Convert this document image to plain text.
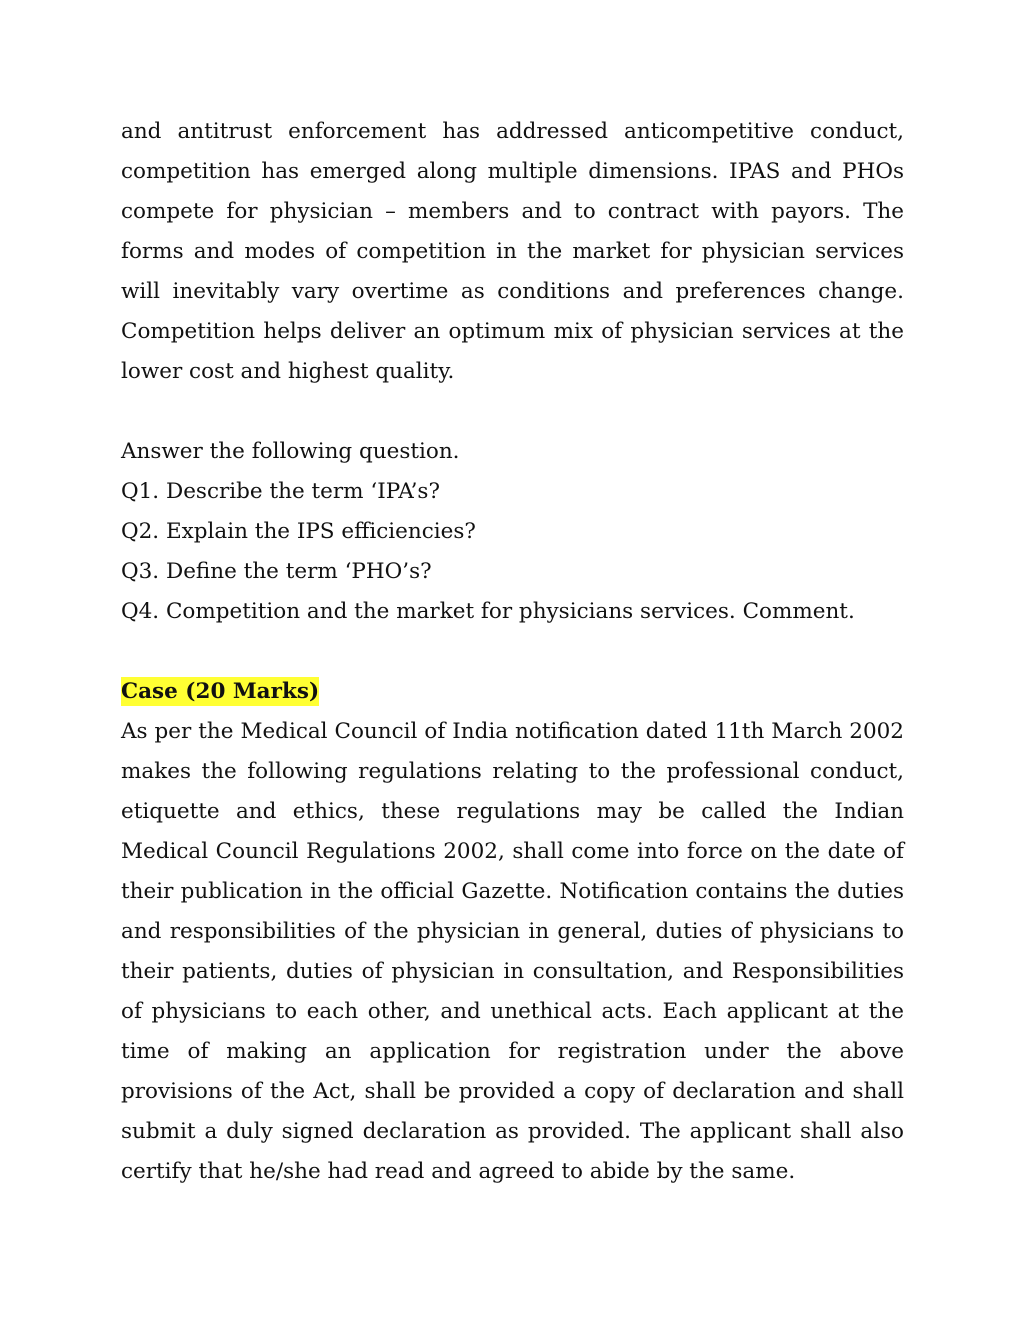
and antitrust enforcement has addressed anticompetitive conduct, competition has emerged along multiple dimensions. IPAS and PHOs compete for physician – members and to contract with payors. The forms and modes of competition in the market for physician services will inevitably vary overtime as conditions and preferences change. Competition helps deliver an optimum mix of physician services at the lower cost and highest quality.

Answer the following question.

Q1. Describe the term ‘IPA’s?

Q2. Explain the IPS efficiencies?

Q3. Define the term ‘PHO’s?

Q4. Competition and the market for physicians services. Comment.

Case (20 Marks)

As per the Medical Council of India notification dated 11th March 2002 makes the following regulations relating to the professional conduct, etiquette and ethics, these regulations may be called the Indian Medical Council Regulations 2002, shall come into force on the date of their publication in the official Gazette. Notification contains the duties and responsibilities of the physician in general, duties of physicians to their patients, duties of physician in consultation, and Responsibilities of physicians to each other, and unethical acts. Each applicant at the time of making an application for registration under the above provisions of the Act, shall be provided a copy of declaration and shall submit a duly signed declaration as provided. The applicant shall also certify that he/she had read and agreed to abide by the same.
